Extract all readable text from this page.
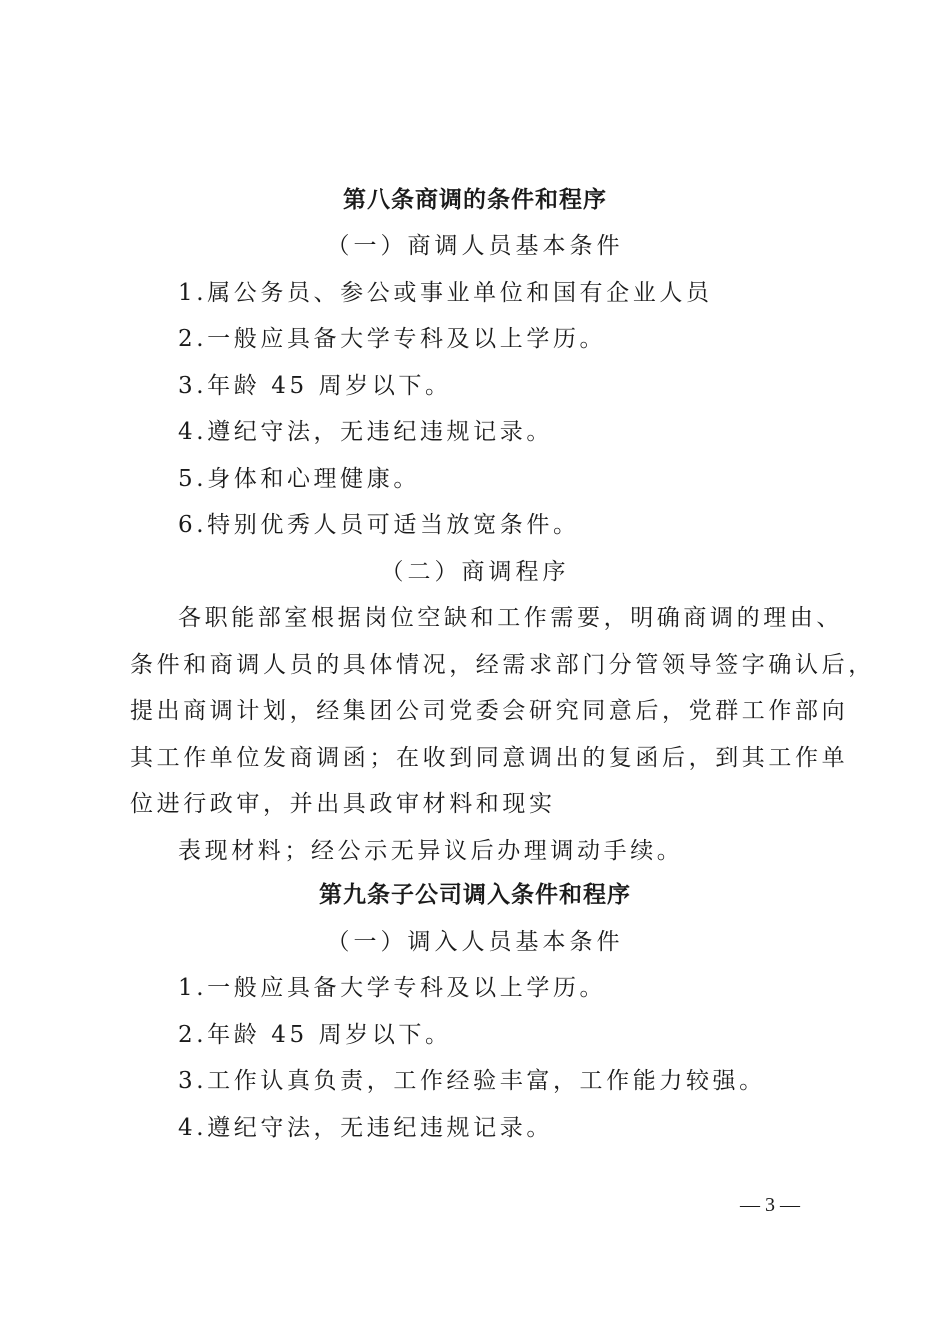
第八条商调的条件和程序
（一）商调人员基本条件
1.属公务员、参公或事业单位和国有企业人员
2.一般应具备大学专科及以上学历。
3.年龄 45 周岁以下。
4.遵纪守法，无违纪违规记录。
5.身体和心理健康。
6.特别优秀人员可适当放宽条件。
（二）商调程序
各职能部室根据岗位空缺和工作需要，明确商调的理由、
条件和商调人员的具体情况，经需求部门分管领导签字确认后，
提出商调计划，经集团公司党委会研究同意后，党群工作部向
其工作单位发商调函；在收到同意调出的复函后，到其工作单
位进行政审，并出具政审材料和现实
表现材料；经公示无异议后办理调动手续。
第九条子公司调入条件和程序
（一）调入人员基本条件
1.一般应具备大学专科及以上学历。
2.年龄 45 周岁以下。
3.工作认真负责，工作经验丰富，工作能力较强。
4.遵纪守法，无违纪违规记录。
— 3 —
